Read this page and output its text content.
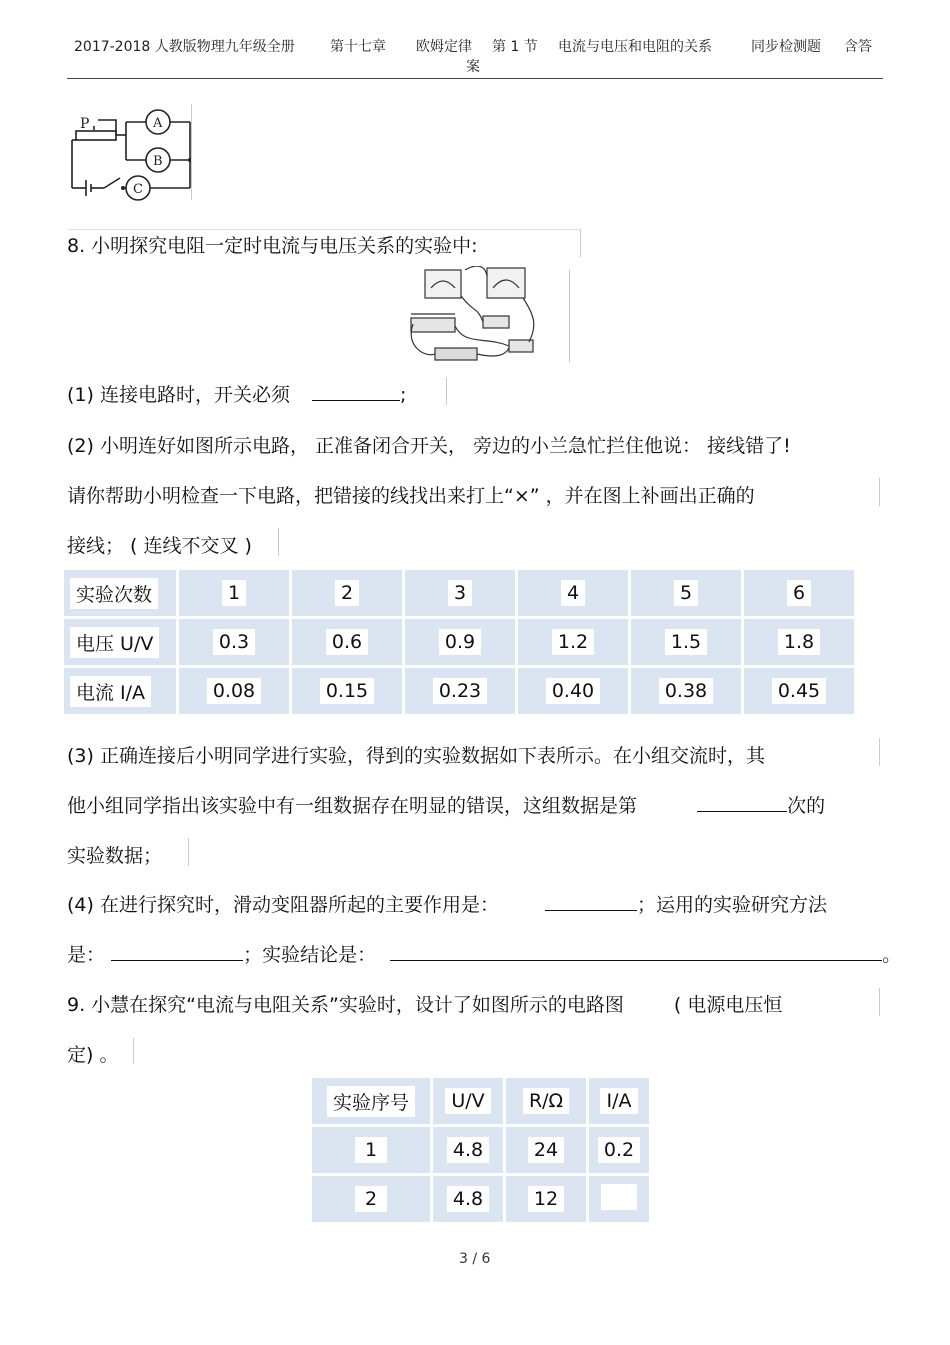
2017-2018 人教版物理九年级全册	第十七章 欧姆定律 第 1 节 电流与电压和电阻的关系	同步检测题 含答
案
P	A
B
C
8. 小明探究电阻一定时电流与电压关系的实验中:
(1) 连接电路时，开关必须	;
(2) 小明连好如图所示电路， 正准备闭合开关， 旁边的小兰急忙拦住他说： 接线错了!
请你帮助小明检查一下电路，把错接的线找出来打上“×” ，并在图上补画出正确的
接线； ( 连线不交叉 )
实验次数	1	2	3	4	5	6
电压 U/V	0.3	0.6	0.9	1.2	1.5	1.8
电流 I/A	0.08	0.15	0.23	0.40	0.38	0.45
(3) 正确连接后小明同学进行实验，得到的实验数据如下表所示。在小组交流时，其
他小组同学指出该实验中有一组数据存在明显的错误，这组数据是第	次的
实验数据；
(4) 在进行探究时，滑动变阻器所起的主要作用是：	；运用的实验研究方法
是：	；实验结论是：	。
9. 小慧在探究“电流与电阻关系”实验时，设计了如图所示的电路图	( 电源电压恒
定) 。
实验序号	U/V	R/Ω	I/A
1	4.8	24	0.2
2	4.8	12	
3 / 6
